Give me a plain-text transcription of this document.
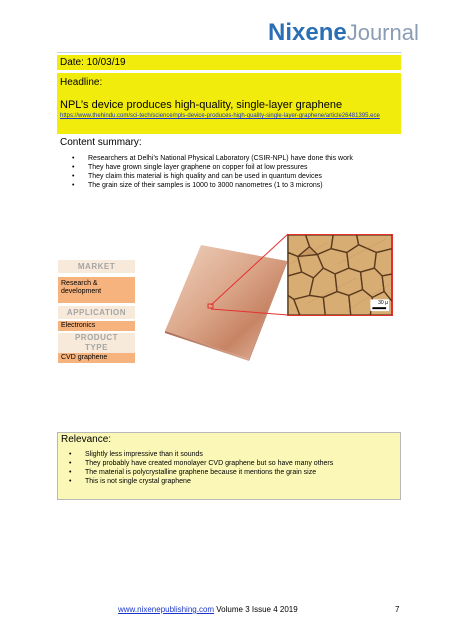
NixeneJournal
Date: 10/03/19
Headline:
NPL’s device produces high-quality, single-layer graphene
https://www.thehindu.com/sci-tech/science/npls-device-produces-high-quality-single-layer-graphene/article26481395.ece
Content summary:
• Researchers at Delhi’s National Physical Laboratory (CSIR-NPL) have done this work
• They have grown single layer graphene on copper foil at low pressures
• They claim this material is high quality and can be used in quantum devices
• The grain size of their samples is 1000 to 3000 nanometres (1 to 3 microns)
MARKET
Research & development
APPLICATION
Electronics
PRODUCT TYPE
CVD graphene
30 µ
Relevance:
• Slightly less impressive than it sounds
• They probably have created monolayer CVD graphene but so have many others
• The material is polycrystalline graphene because it mentions the grain size
• This is not single crystal graphene
www.nixenepublishing.com Volume 3 Issue 4 2019	7
